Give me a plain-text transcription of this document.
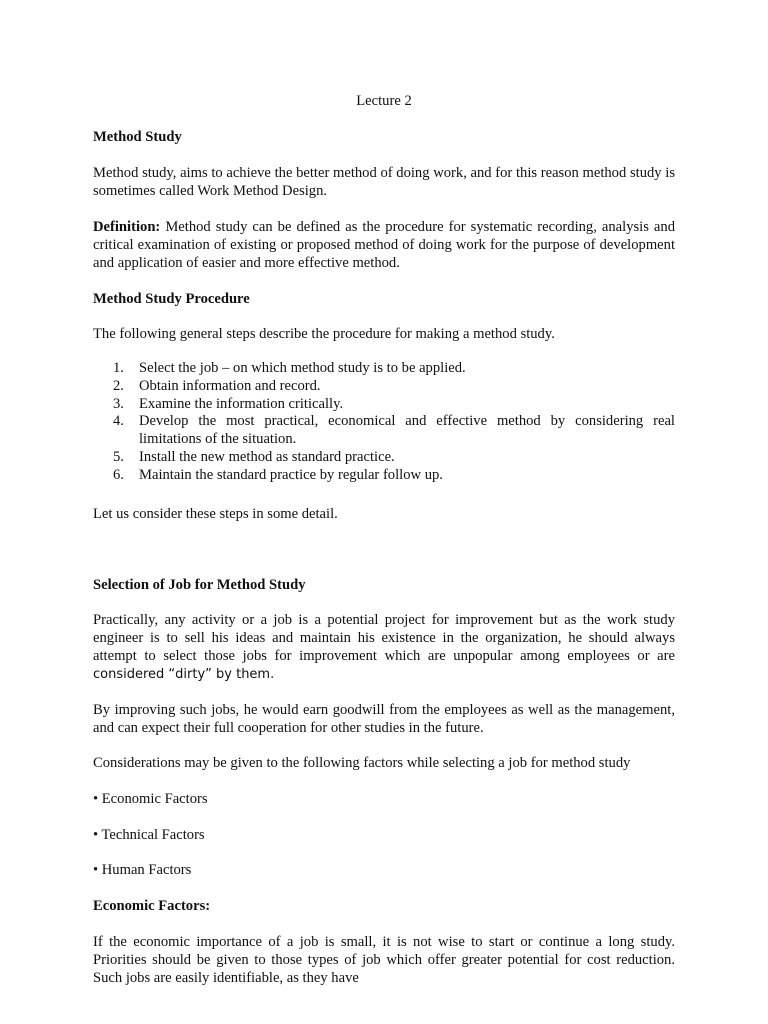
Lecture 2

Method Study

Method study, aims to achieve the better method of doing work, and for this reason method study is sometimes called Work Method Design.

Definition: Method study can be defined as the procedure for systematic recording, analysis and critical examination of existing or proposed method of doing work for the purpose of development and application of easier and more effective method.

Method Study Procedure

The following general steps describe the procedure for making a method study.

1. Select the job – on which method study is to be applied.
2. Obtain information and record.
3. Examine the information critically.
4. Develop the most practical, economical and effective method by considering real limitations of the situation.
5. Install the new method as standard practice.
6. Maintain the standard practice by regular follow up.

Let us consider these steps in some detail.

Selection of Job for Method Study

Practically, any activity or a job is a potential project for improvement but as the work study engineer is to sell his ideas and maintain his existence in the organization, he should always attempt to select those jobs for improvement which are unpopular among employees or are considered “dirty” by them.

By improving such jobs, he would earn goodwill from the employees as well as the management, and can expect their full cooperation for other studies in the future.

Considerations may be given to the following factors while selecting a job for method study

• Economic Factors

• Technical Factors

• Human Factors

Economic Factors:

If the economic importance of a job is small, it is not wise to start or continue a long study. Priorities should be given to those types of job which offer greater potential for cost reduction. Such jobs are easily identifiable, as they have
